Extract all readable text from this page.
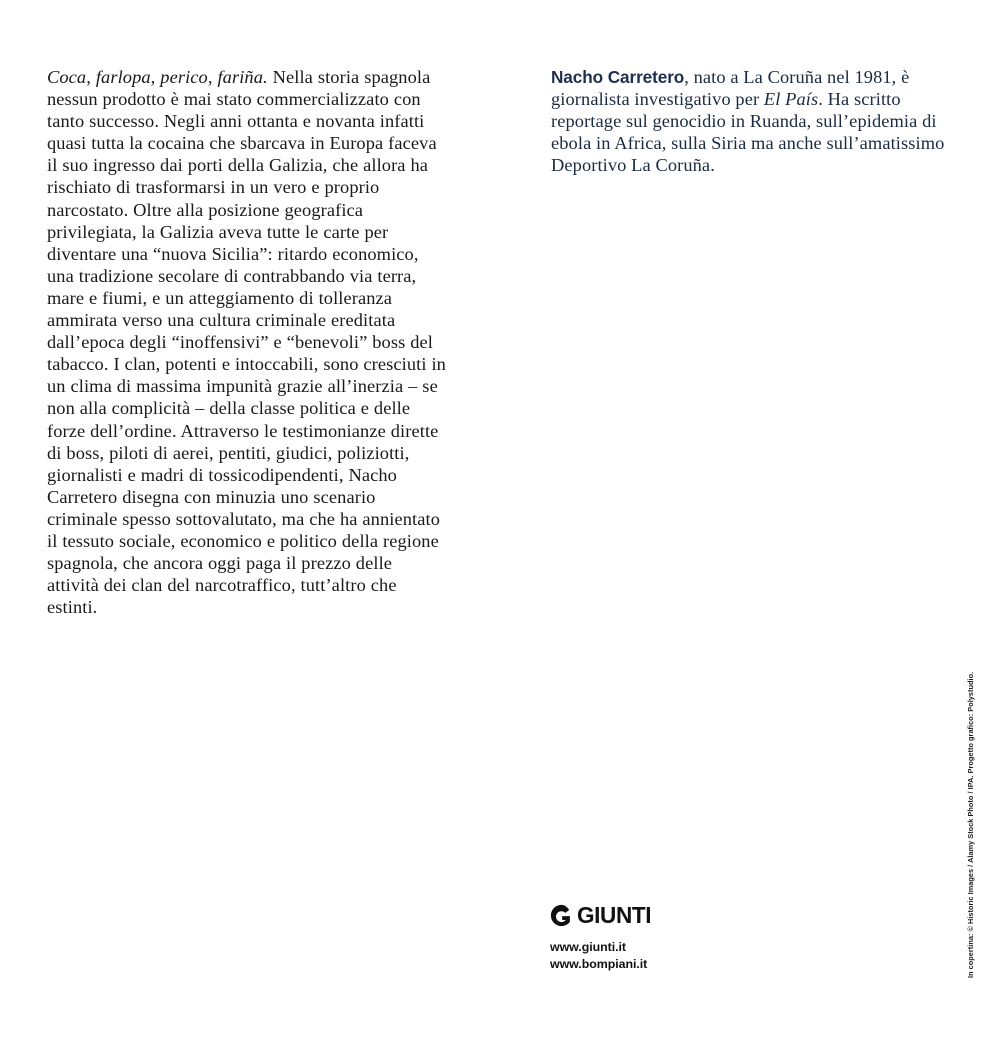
Coca, farlopa, perico, fariña. Nella storia spagnola nessun prodotto è mai stato commercializzato con tanto successo. Negli anni ottanta e novanta infatti quasi tutta la cocaina che sbarcava in Europa faceva il suo ingresso dai porti della Galizia, che allora ha rischiato di trasformarsi in un vero e proprio narcostato. Oltre alla posizione geografica privilegiata, la Galizia aveva tutte le carte per diventare una “nuova Sicilia”: ritardo economico, una tradizione secolare di contrabbando via terra, mare e fiumi, e un atteggiamento di tolleranza ammirata verso una cultura criminale ereditata dall’epoca degli “inoffensivi” e “benevoli” boss del tabacco. I clan, potenti e intoccabili, sono cresciuti in un clima di massima impunità grazie all’inerzia – se non alla complicità – della classe politica e delle forze dell’ordine. Attraverso le testimonianze dirette di boss, piloti di aerei, pentiti, giudici, poliziotti, giornalisti e madri di tossicodipendenti, Nacho Carretero disegna con minuzia uno scenario criminale spesso sottovalutato, ma che ha annientato il tessuto sociale, economico e politico della regione spagnola, che ancora oggi paga il prezzo delle attività dei clan del narcotraffico, tutt’altro che estinti.
Nacho Carretero, nato a La Coruña nel 1981, è giornalista investigativo per El País. Ha scritto reportage sul genocidio in Ruanda, sull’epidemia di ebola in Africa, sulla Siria ma anche sull’amatissimo Deportivo La Coruña.
GIUNTI
www.giunti.it
www.bompiani.it	In copertina: © Historic Images / Alamy Stock Photo / IPA. Progetto grafico: Polystudio.
